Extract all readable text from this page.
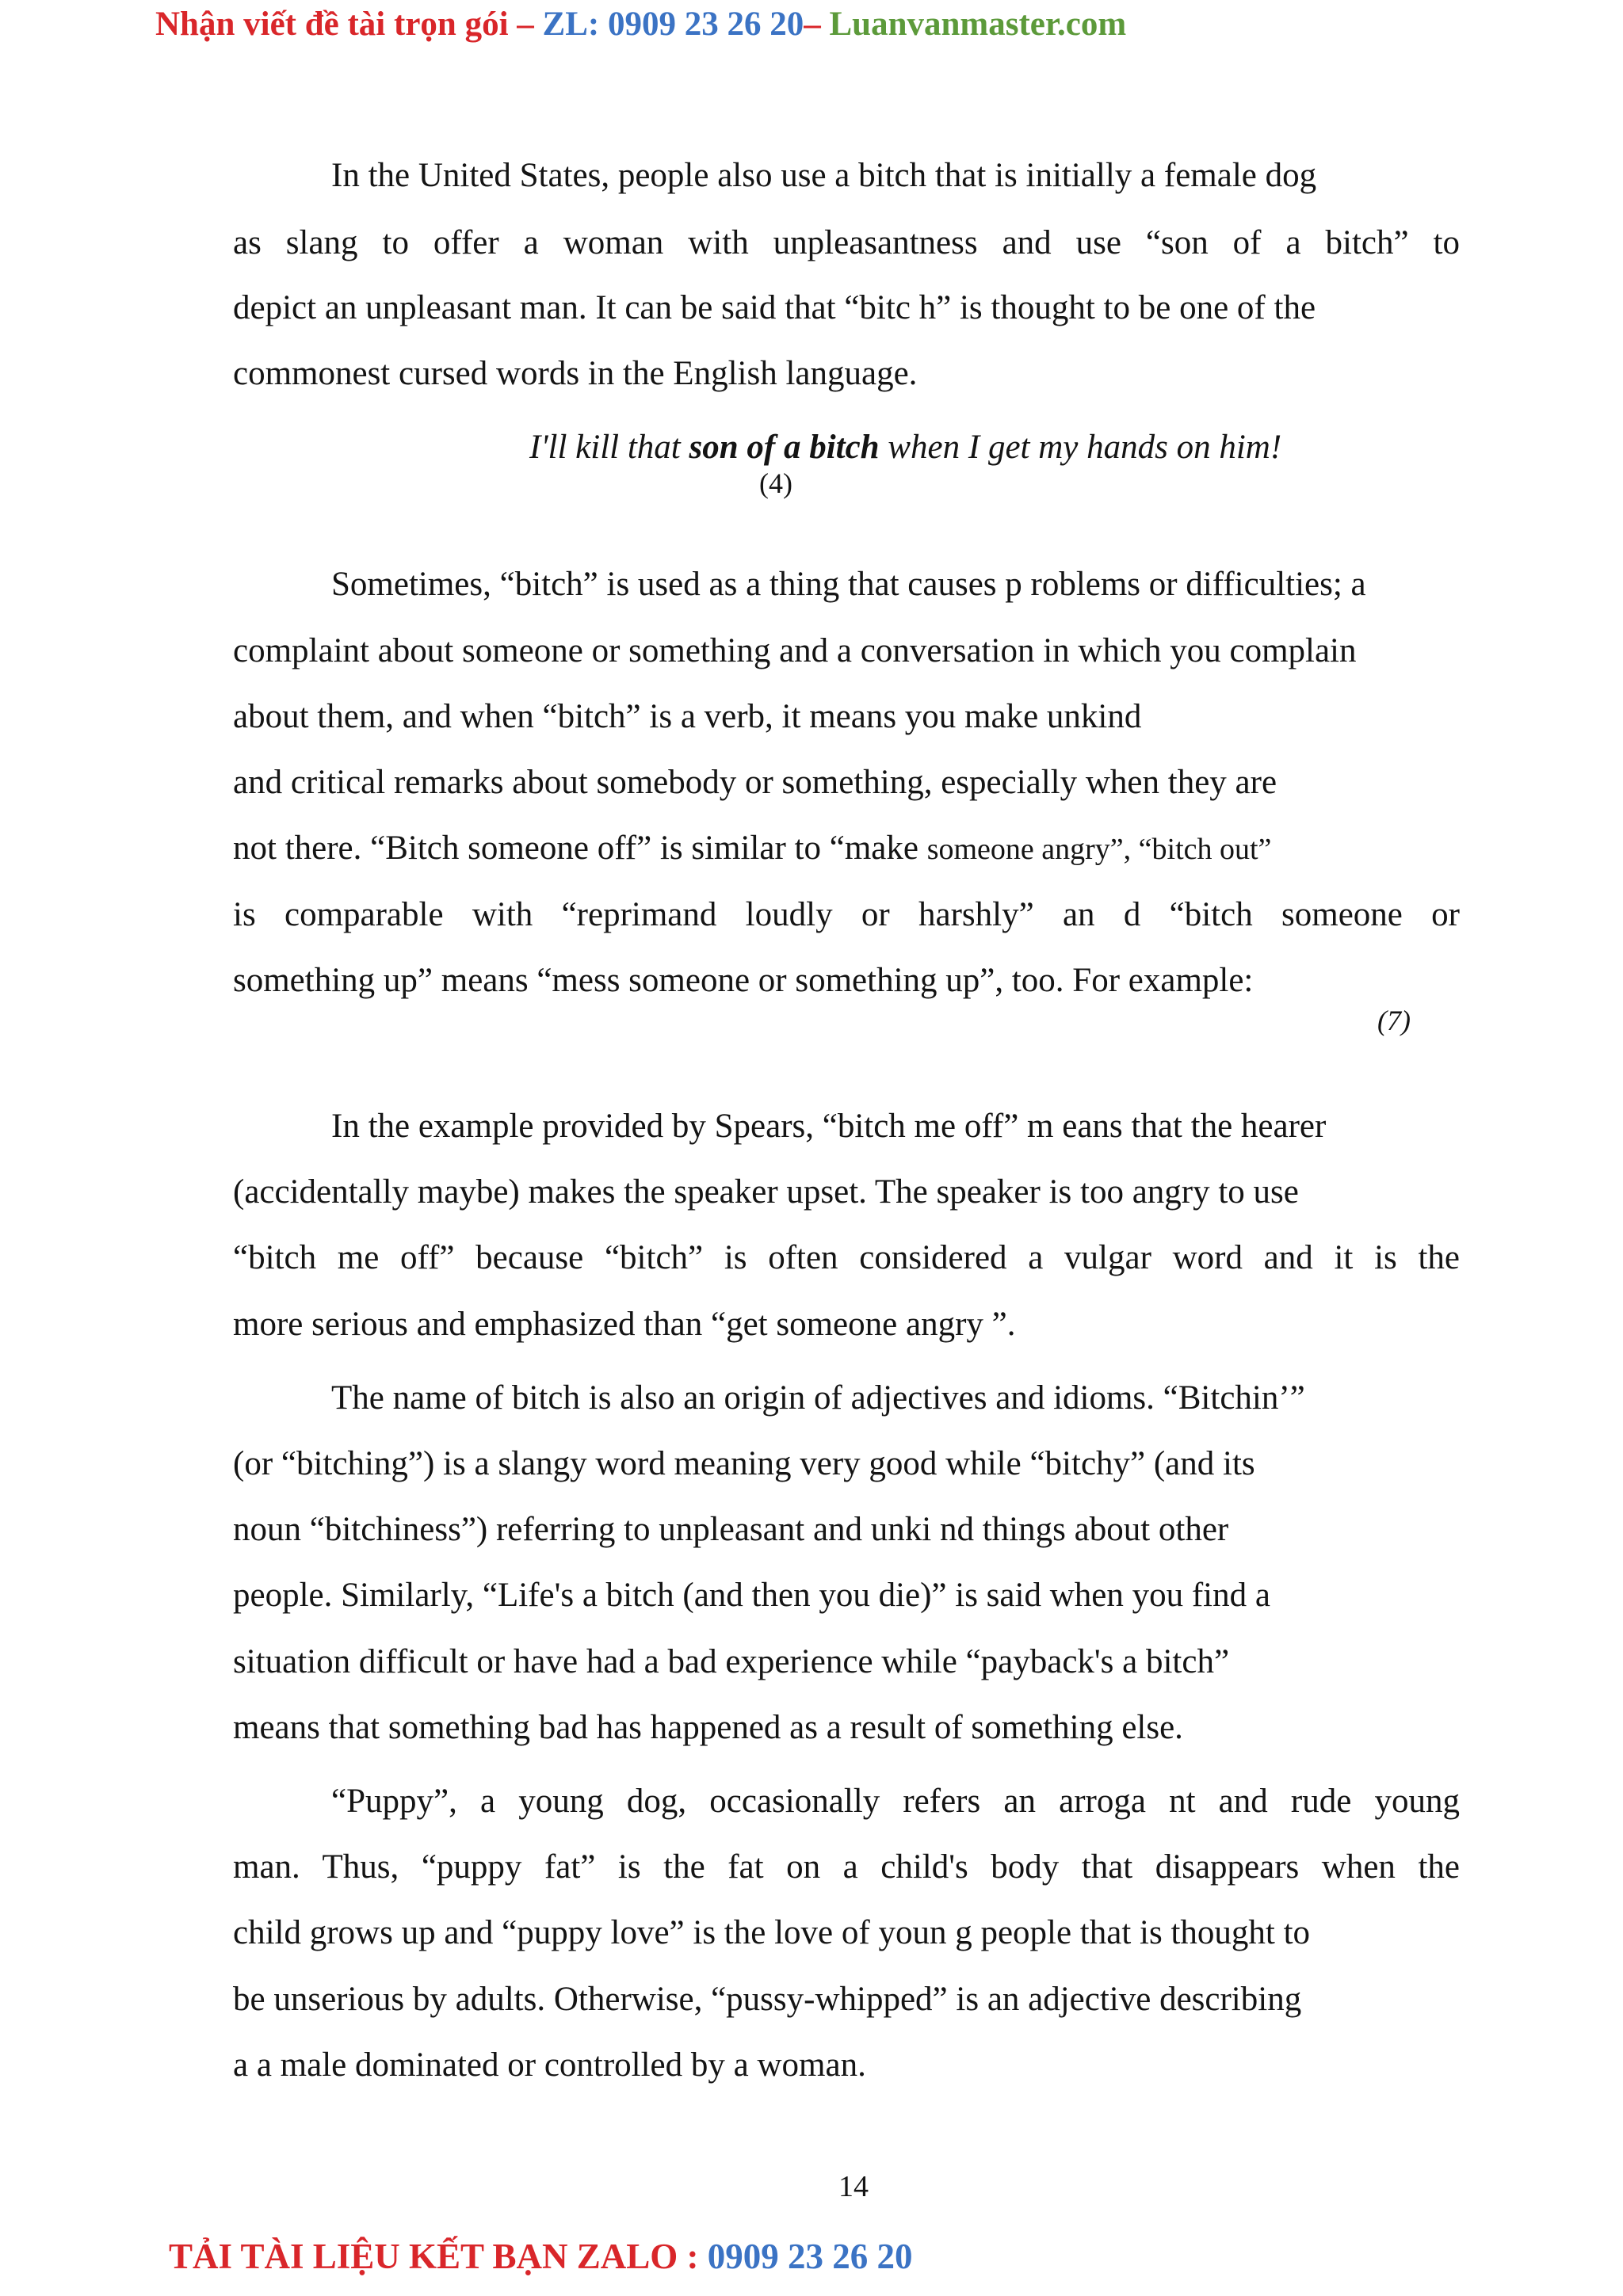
Nhận viết đề tài trọn gói – ZL: 0909 23 26 20– Luanvanmaster.com
In the United States, people also use a bitch that is initially a female dog
as slang to offer a woman with unpleasantness and use “son of a bitch” to
depict an unpleasant man. It can be said that “bitc h” is thought to be one of the
commonest cursed words in the English language.
I'll kill that son of a bitch when I get my hands on him!
(4)
Sometimes, “bitch” is used as a thing that causes p roblems or difficulties; a
complaint about someone or something and a conversation in which you complain
about them, and when “bitch” is a verb, it means you make unkind
and critical remarks about somebody or something, especially when they are
not there. “Bitch someone off” is similar to “make someone angry”, “bitch out”
is comparable with “reprimand loudly or harshly” an d “bitch someone or
something up” means “mess someone or something up”, too. For example:
(7)
In the example provided by Spears, “bitch me off” m eans that the hearer
(accidentally maybe) makes the speaker upset. The speaker is too angry to use
“bitch me off” because “bitch” is often considered a vulgar word and it is the
more serious and emphasized than “get someone angry ”.
The name of bitch is also an origin of adjectives and idioms. “Bitchin’”
(or “bitching”) is a slangy word meaning very good while “bitchy” (and its
noun “bitchiness”) referring to unpleasant and unki nd things about other
people. Similarly, “Life's a bitch (and then you die)” is said when you find a
situation difficult or have had a bad experience while “payback's a bitch”
means that something bad has happened as a result of something else.
“Puppy”, a young dog, occasionally refers an arroga nt and rude young
man. Thus, “puppy fat” is the fat on a child's body that disappears when the
child grows up and “puppy love” is the love of youn g people that is thought to
be unserious by adults. Otherwise, “pussy-whipped” is an adjective describing
a a male dominated or controlled by a woman.
14
TẢI TÀI LIỆU KẾT BẠN ZALO : 0909 23 26 20
